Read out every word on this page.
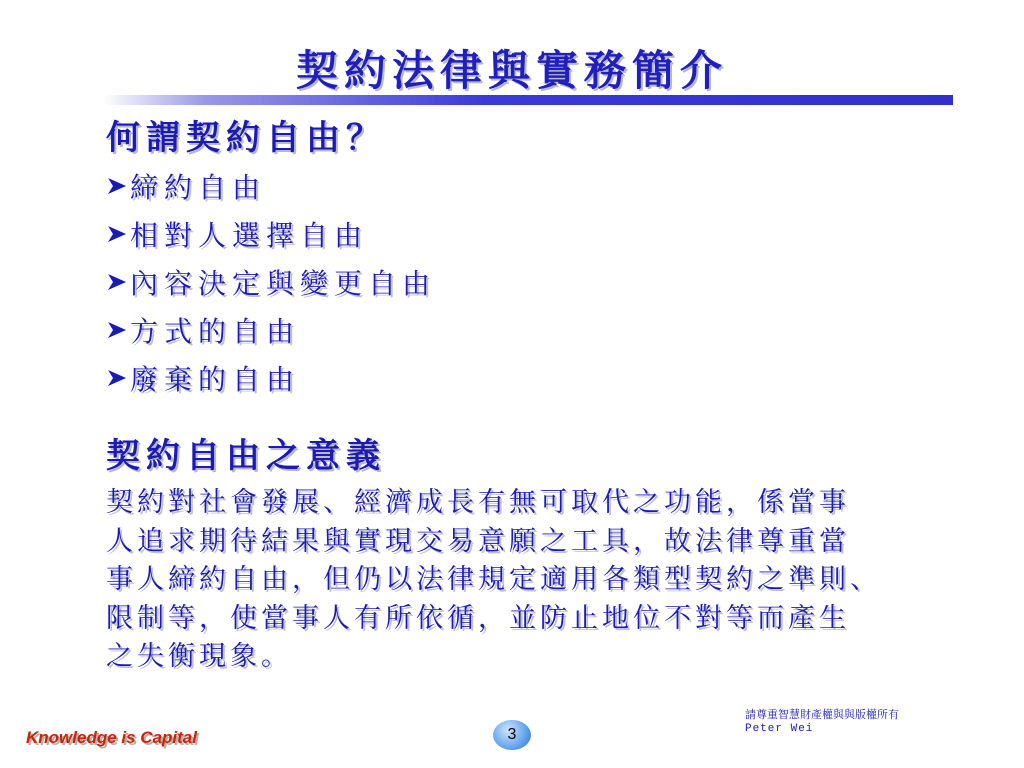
契約法律與實務簡介
何謂契約自由？
締約自由
相對人選擇自由
內容決定與變更自由
方式的自由
廢棄的自由
契約自由之意義
契約對社會發展、經濟成長有無可取代之功能，係當事
人追求期待結果與實現交易意願之工具，故法律尊重當
事人締約自由，但仍以法律規定適用各類型契約之準則、
限制等，使當事人有所依循，並防止地位不對等而產生
之失衡現象。
Knowledge is Capital	3
請尊重智慧財產權與與版權所有
Peter Wei
